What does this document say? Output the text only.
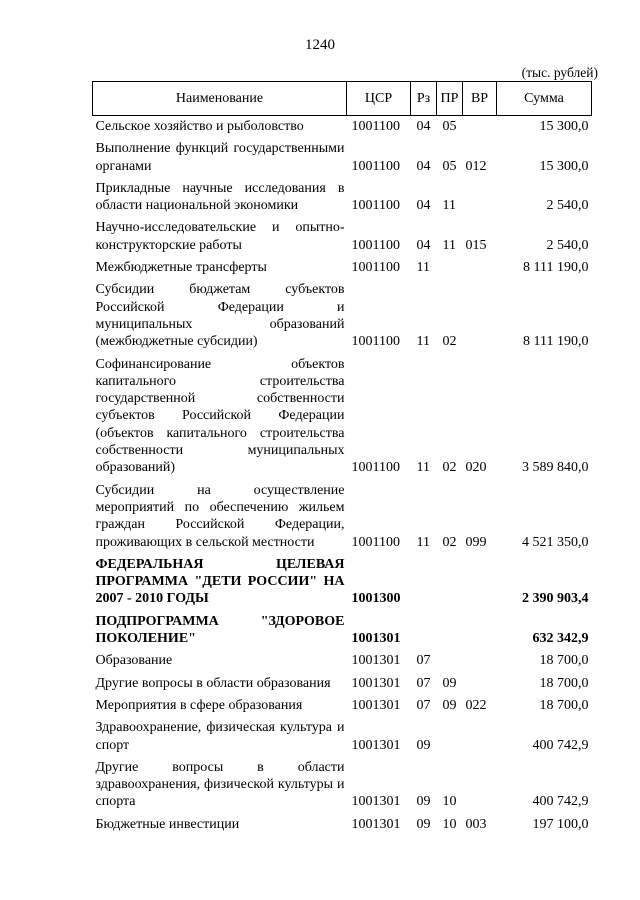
1240
(тыс. рублей)
Наименование	ЦСР	Рз	ПР	ВР	Сумма
Сельское хозяйство и рыболовство	1001100	04	05		15 300,0
Выполнение функций государственными органами	1001100	04	05	012	15 300,0
Прикладные научные исследования в области национальной экономики	1001100	04	11		2 540,0
Научно-исследовательские и опытно-конструкторские работы	1001100	04	11	015	2 540,0
Межбюджетные трансферты	1001100	11			8 111 190,0
Субсидии бюджетам субъектов Российской Федерации и муниципальных образований (межбюджетные субсидии)	1001100	11	02		8 111 190,0
Софинансирование объектов капитального строительства государственной собственности субъектов Российской Федерации (объектов капитального строительства собственности муниципальных образований)	1001100	11	02	020	3 589 840,0
Субсидии на осуществление мероприятий по обеспечению жильем граждан Российской Федерации, проживающих в сельской местности	1001100	11	02	099	4 521 350,0
ФЕДЕРАЛЬНАЯ ЦЕЛЕВАЯ ПРОГРАММА "ДЕТИ РОССИИ" НА 2007 - 2010 ГОДЫ	1001300				2 390 903,4
ПОДПРОГРАММА "ЗДОРОВОЕ ПОКОЛЕНИЕ"	1001301				632 342,9
Образование	1001301	07			18 700,0
Другие вопросы в области образования	1001301	07	09		18 700,0
Мероприятия в сфере образования	1001301	07	09	022	18 700,0
Здравоохранение, физическая культура и спорт	1001301	09			400 742,9
Другие вопросы в области здравоохранения, физической культуры и спорта	1001301	09	10		400 742,9
Бюджетные инвестиции	1001301	09	10	003	197 100,0
